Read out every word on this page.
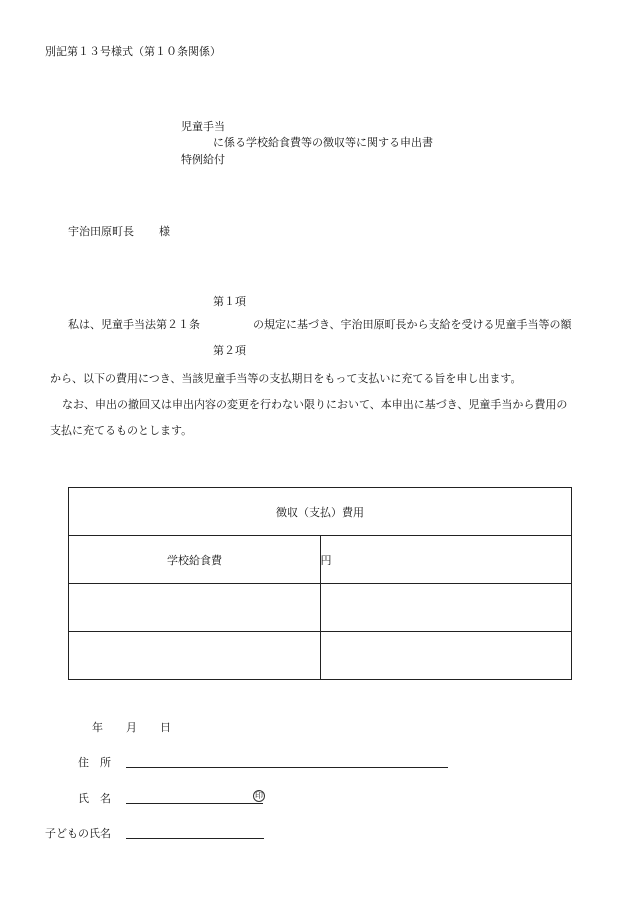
別記第１３号様式（第１０条関係）
児童手当
に係る学校給食費等の徴収等に関する申出書
特例給付
宇治田原町長 様
第１項
私は、児童手当法第２１条	の規定に基づき、宇治田原町長から支給を受ける児童手当等の額
第２項
から、以下の費用につき、当該児童手当等の支払期日をもって支払いに充てる旨を申し出ます。
なお、申出の撤回又は申出内容の変更を行わない限りにおいて、本申出に基づき、児童手当から費用の
支払に充てるものとします。
徴収（支払）費用	
学校給食費	円

年 月 日
住　所
氏　名	印
子どもの氏名
